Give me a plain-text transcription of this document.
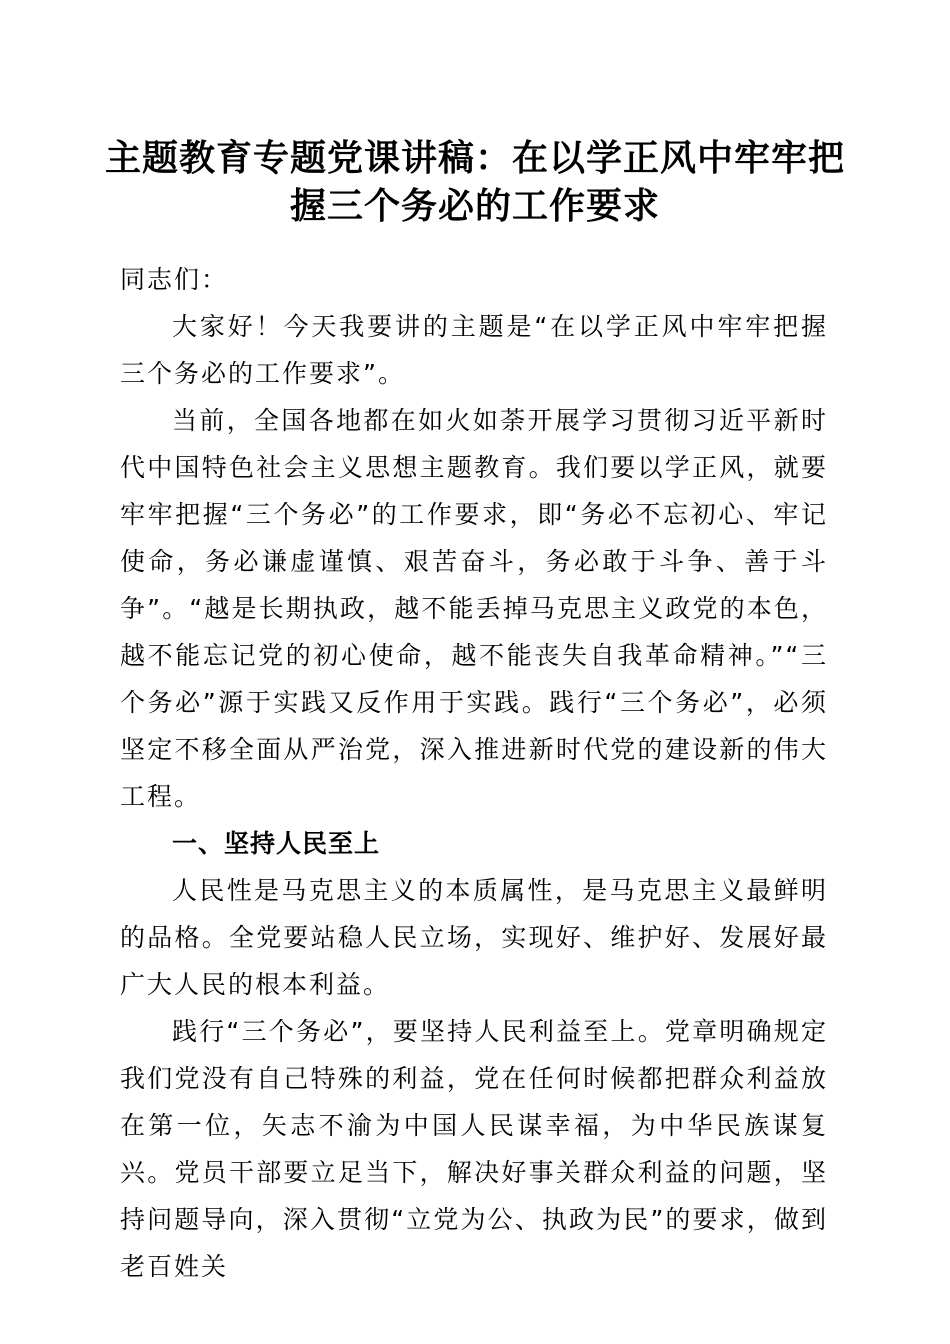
主题教育专题党课讲稿：在以学正风中牢牢把
握三个务必的工作要求

同志们：

大家好！今天我要讲的主题是“在以学正风中牢牢把握三个务必的工作要求”。

当前，全国各地都在如火如荼开展学习贯彻习近平新时代中国特色社会主义思想主题教育。我们要以学正风，就要牢牢把握“三个务必”的工作要求，即“务必不忘初心、牢记使命，务必谦虚谨慎、艰苦奋斗，务必敢于斗争、善于斗争”。“越是长期执政，越不能丢掉马克思主义政党的本色，越不能忘记党的初心使命，越不能丧失自我革命精神。”“三个务必”源于实践又反作用于实践。践行“三个务必”，必须坚定不移全面从严治党，深入推进新时代党的建设新的伟大工程。

一、坚持人民至上

人民性是马克思主义的本质属性，是马克思主义最鲜明的品格。全党要站稳人民立场，实现好、维护好、发展好最广大人民的根本利益。

践行“三个务必”，要坚持人民利益至上。党章明确规定我们党没有自己特殊的利益，党在任何时候都把群众利益放在第一位，矢志不渝为中国人民谋幸福，为中华民族谋复兴。党员干部要立足当下，解决好事关群众利益的问题，坚持问题导向，深入贯彻“立党为公、执政为民”的要求，做到老百姓关
